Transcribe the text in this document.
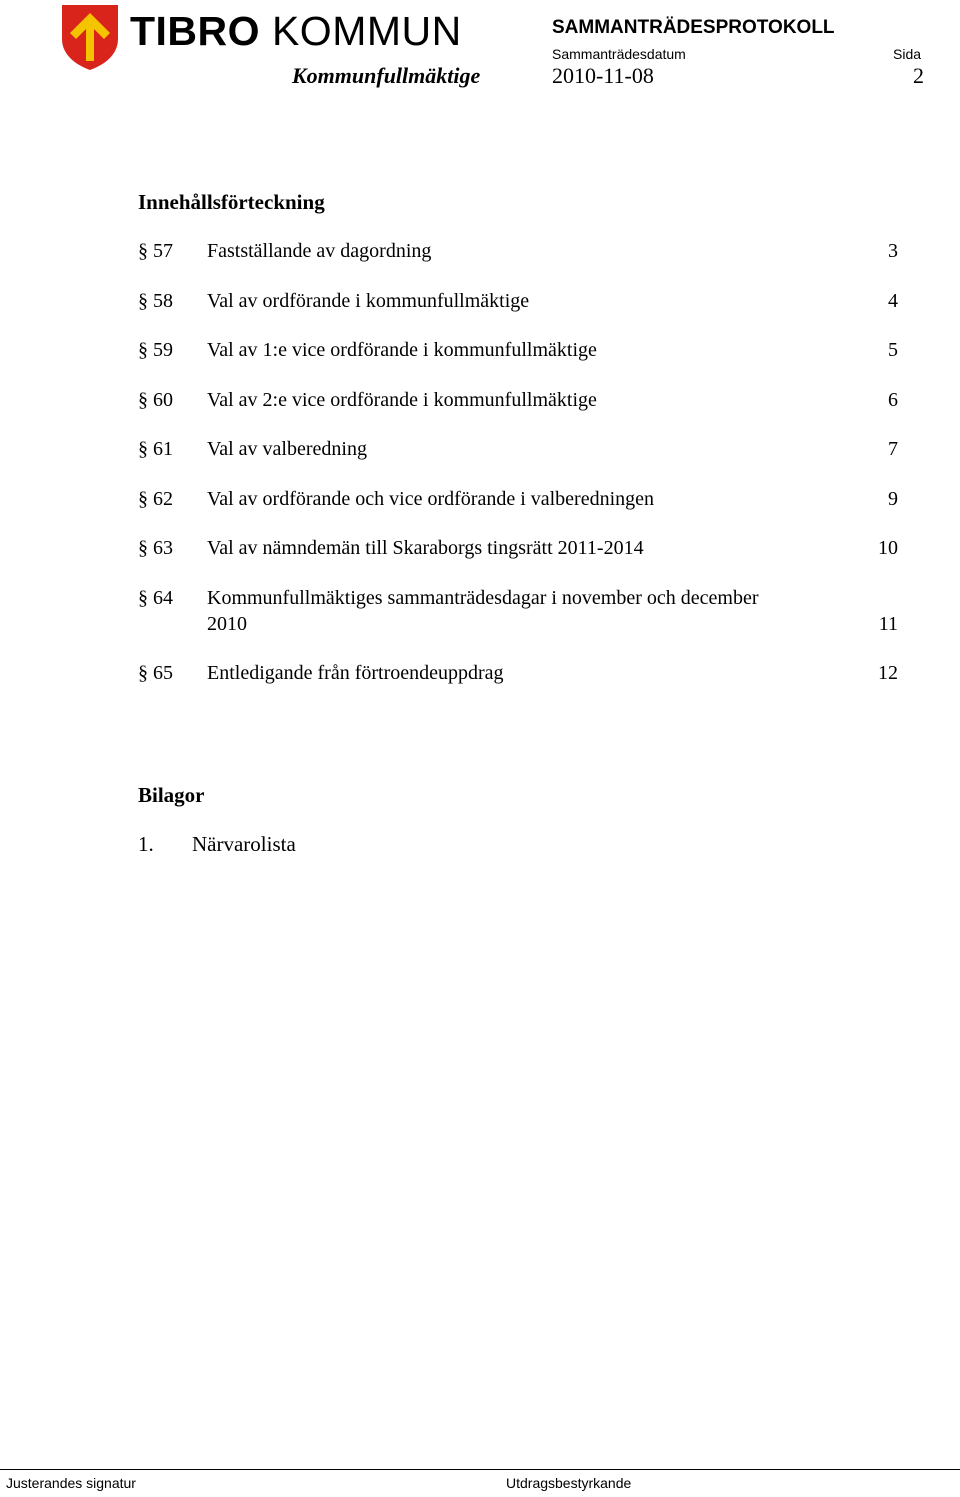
TIBRO KOMMUN	SAMMANTRÄDESPROTOKOLL
Sammanträdesdatum	Sida
Kommunfullmäktige	2010-11-08	2
Innehållsförteckning
§ 57 Fastställande av dagordning	3
§ 58 Val av ordförande i kommunfullmäktige	4
§ 59 Val av 1:e vice ordförande i kommunfullmäktige	5
§ 60 Val av 2:e vice ordförande i kommunfullmäktige	6
§ 61 Val av valberedning	7
§ 62 Val av ordförande och vice ordförande i valberedningen	9
§ 63 Val av nämndemän till Skaraborgs tingsrätt 2011-2014	10
§ 64 Kommunfullmäktiges sammanträdesdagar i november och december 2010	11
§ 65 Entledigande från förtroendeuppdrag	12
Bilagor
1. Närvarolista
Justerandes signatur	Utdragsbestyrkande
